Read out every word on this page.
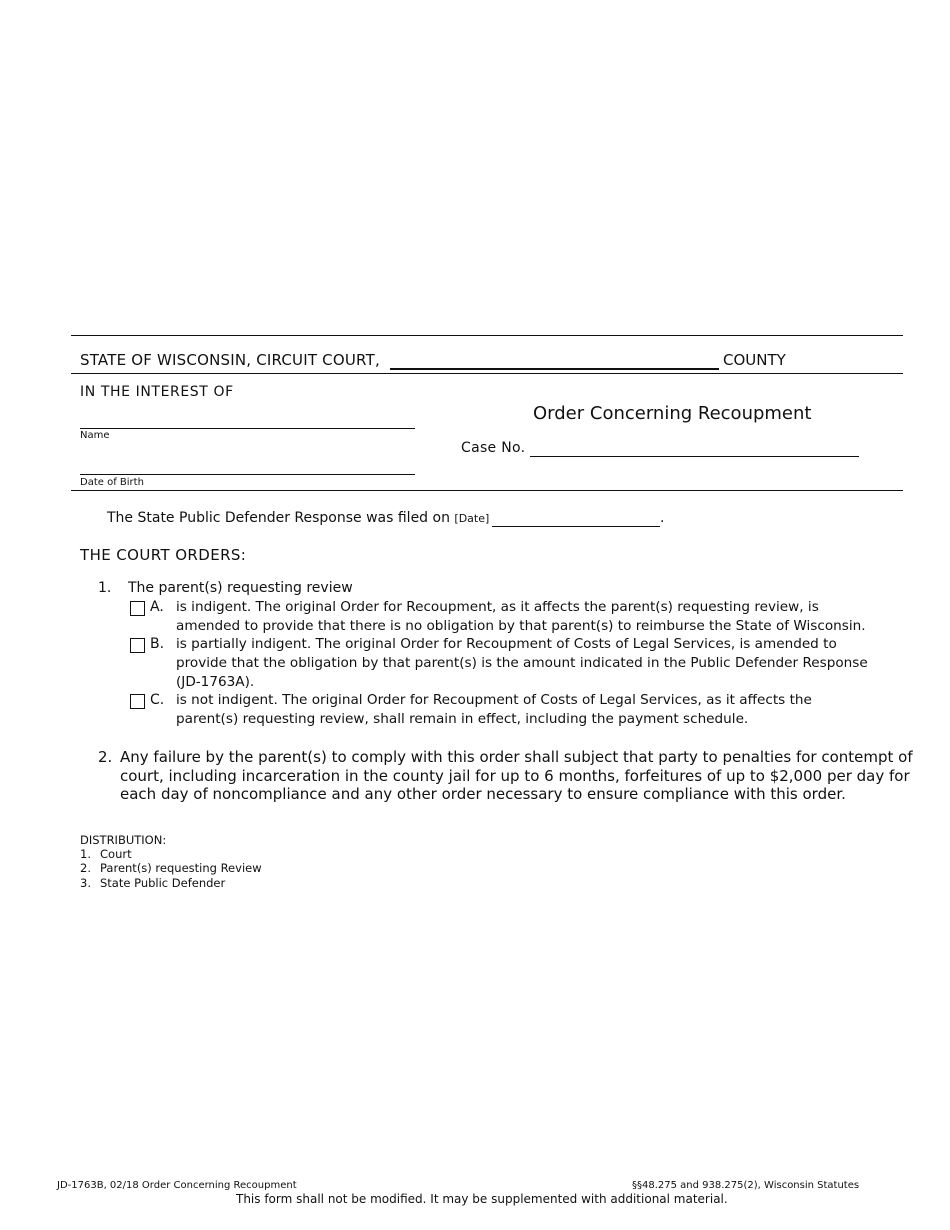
STATE OF WISCONSIN, CIRCUIT COURT,	COUNTY
IN THE INTEREST OF
Name
Date of Birth
Order Concerning Recoupment
Case No.
The State Public Defender Response was filed on [Date]	.
THE COURT ORDERS:
1. The parent(s) requesting review
A. is indigent. The original Order for Recoupment, as it affects the parent(s) requesting review, is
amended to provide that there is no obligation by that parent(s) to reimburse the State of Wisconsin.
B. is partially indigent. The original Order for Recoupment of Costs of Legal Services, is amended to
provide that the obligation by that parent(s) is the amount indicated in the Public Defender Response
(JD-1763A).
C. is not indigent. The original Order for Recoupment of Costs of Legal Services, as it affects the
parent(s) requesting review, shall remain in effect, including the payment schedule.
2. Any failure by the parent(s) to comply with this order shall subject that party to penalties for contempt of
court, including incarceration in the county jail for up to 6 months, forfeitures of up to $2,000 per day for
each day of noncompliance and any other order necessary to ensure compliance with this order.
DISTRIBUTION:
1. Court
2. Parent(s) requesting Review
3. State Public Defender
JD-1763B, 02/18 Order Concerning Recoupment	§§48.275 and 938.275(2), Wisconsin Statutes
This form shall not be modified. It may be supplemented with additional material.
